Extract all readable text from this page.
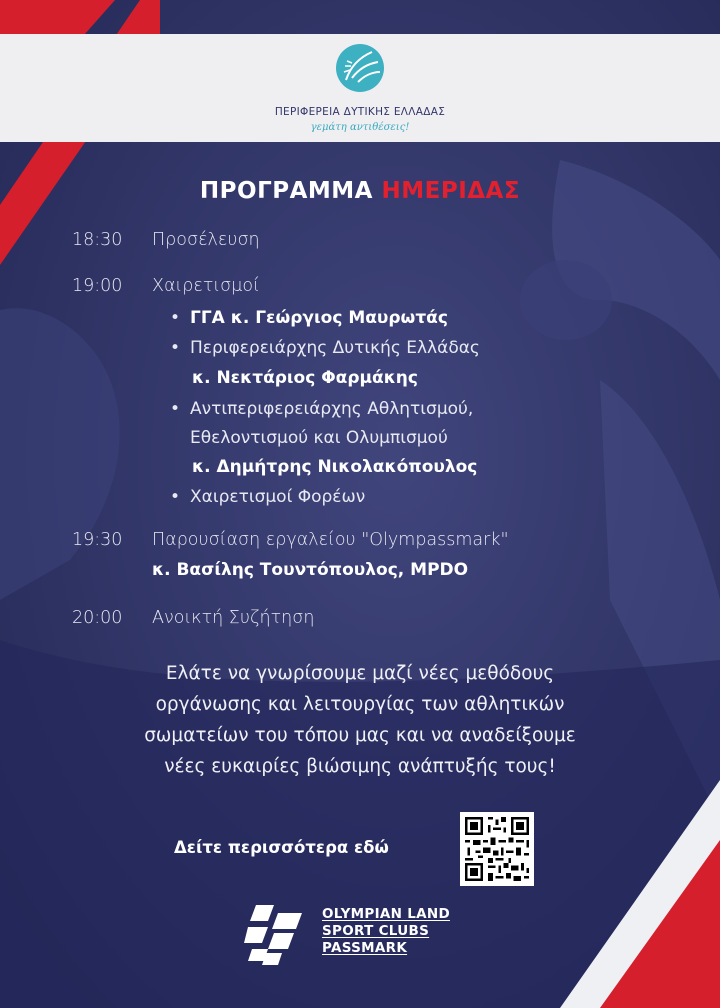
ΠΕΡΙΦΕΡΕΙΑ ΔΥΤΙΚΗΣ ΕΛΛΑΔΑΣ
γεμάτη αντιθέσεις!
ΠΡΟΓΡΑΜΜΑ ΗΜΕΡΙΔΑΣ
18:30 Προσέλευση
19:00 Χαιρετισμοί
• ΓΓΑ κ. Γεώργιος Μαυρωτάς
• Περιφερειάρχης Δυτικής Ελλάδας
κ. Νεκτάριος Φαρμάκης
• Αντιπεριφερειάρχης Αθλητισμού,
Εθελοντισμού και Ολυμπισμού
κ. Δημήτρης Νικολακόπουλος
• Χαιρετισμοί Φορέων
19:30 Παρουσίαση εργαλείου "Olympassmark"
κ. Βασίλης Τουντόπουλος, MPDO
20:00 Ανοικτή Συζήτηση
Ελάτε να γνωρίσουμε μαζί νέες μεθόδους
οργάνωσης και λειτουργίας των αθλητικών
σωματείων του τόπου μας και να αναδείξουμε
νέες ευκαιρίες βιώσιμης ανάπτυξής τους!
Δείτε περισσότερα εδώ
OLYMPIAN LAND
SPORT CLUBS
PASSMARK
